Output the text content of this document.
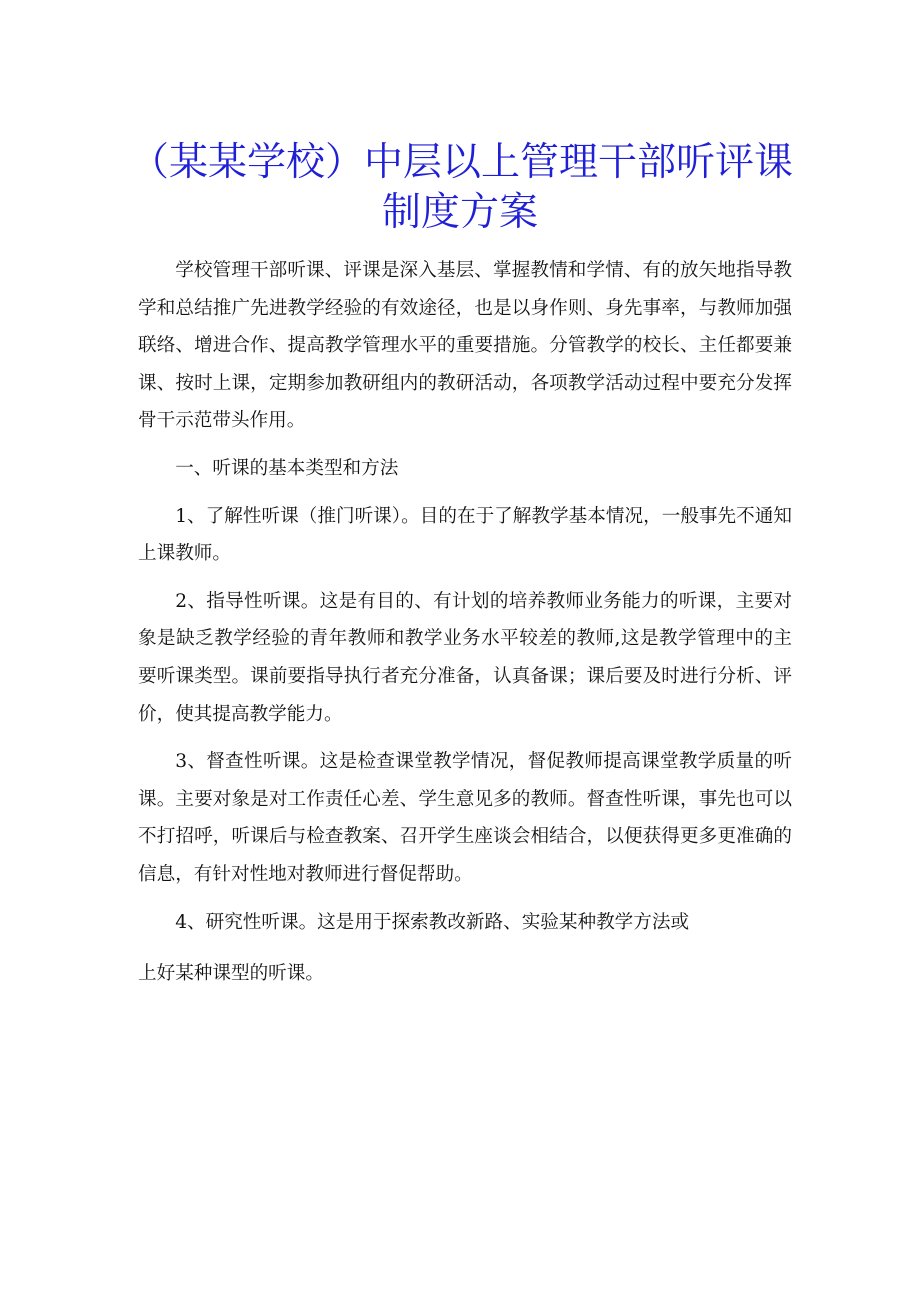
（某某学校）中层以上管理干部听评课
制度方案

学校管理干部听课、评课是深入基层、掌握教情和学情、有的放矢地指导教学和总结推广先进教学经验的有效途径，也是以身作则、身先事率，与教师加强联络、增进合作、提高教学管理水平的重要措施。分管教学的校长、主任都要兼课、按时上课，定期参加教研组内的教研活动，各项教学活动过程中要充分发挥骨干示范带头作用。

一、听课的基本类型和方法

1、了解性听课（推门听课）。目的在于了解教学基本情况，一般事先不通知上课教师。

2、指导性听课。这是有目的、有计划的培养教师业务能力的听课，主要对象是缺乏教学经验的青年教师和教学业务水平较差的教师,这是教学管理中的主要听课类型。课前要指导执行者充分准备，认真备课；课后要及时进行分析、评价，使其提高教学能力。

3、督查性听课。这是检查课堂教学情况，督促教师提高课堂教学质量的听课。主要对象是对工作责任心差、学生意见多的教师。督查性听课，事先也可以不打招呼，听课后与检查教案、召开学生座谈会相结合，以便获得更多更准确的信息，有针对性地对教师进行督促帮助。

4、研究性听课。这是用于探索教改新路、实验某种教学方法或

上好某种课型的听课。
